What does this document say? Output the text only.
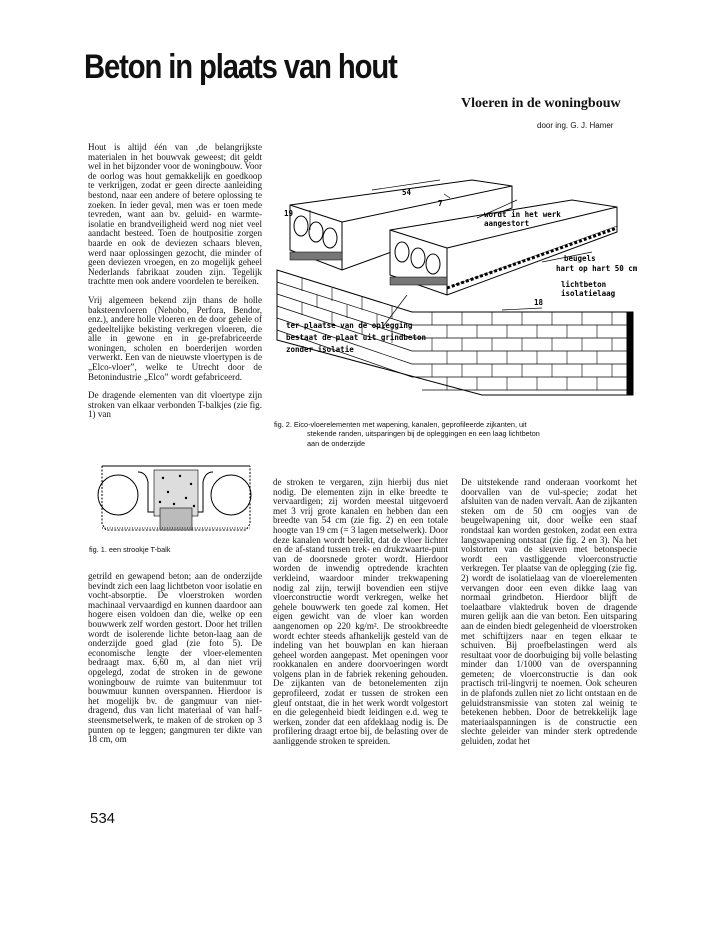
Beton in plaats van hout
Vloeren in de woningbouw
door ing. G. J. Hamer

Hout is altijd één van ‚de belangrijkste materialen in het bouwvak geweest; dit geldt wel in het bijzonder voor de woningbouw. Voor de oorlog was hout gemakkelijk en goedkoop te verkrijgen, zodat er geen directe aanleiding bestond, naar een andere of betere oplossing te zoeken. In ieder geval, men was er toen mede tevreden, want aan bv. geluid- en warmte-isolatie en brandveiligheid werd nog niet veel aandacht besteed. Toen de houtpositie zorgen baarde en ook de deviezen schaars bleven, werd naar oplossingen gezocht, die minder of geen deviezen vroegen, en zo mogelijk geheel Nederlands fabrikaat zouden zijn. Tegelijk trachtte men ook andere voordelen te bereiken.

Vrij algemeen bekend zijn thans de holle baksteenvloeren (Nehobo, Perfora, Bendor, enz.), andere holle vloeren en de door gehele of gedeeltelijke bekisting verkregen vloeren, die alle in gewone en in ge-prefabriceerde woningen, scholen en boerderijen worden verwerkt. Een van de nieuwste vloertypen is de „Elco-vloer”, welke te Utrecht door de Betonindustrie „Elco” wordt gefabriceerd.

De dragende elementen van dit vloertype zijn stroken van elkaar verbonden T-balkjes (zie fig. 1) van

54
7
19	wordt in het werk
aangestort
beugels
hart op hart 50 cm
lichtbeton
isolatielaag
18
ter plaatse van de oplegging
bestaat de plaat uit grindbeton
zonder isolatie
fig. 2. Eico-vloerelementen met wapening, kanalen, geprofileerde zijkanten, uit
stekende randen, uitsparingen bij de opleggingen en een laag lichtbeton
aan de onderzijde
fig. 1. een strookje T-balk

getrild en gewapend beton; aan de onderzijde bevindt zich een laag lichtbeton voor isolatie en vocht-absorptie. De vloerstroken worden machinaal vervaardigd en kunnen daardoor aan hogere eisen voldoen dan die, welke op een bouwwerk zelf worden gestort. Door het trillen wordt de isolerende lichte beton-laag aan de onderzijde goed glad (zie foto 5). De economische lengte der vloer-elementen bedraagt max. 6,60 m, al dan niet vrij opgelegd, zodat de stroken in de gewone woningbouw de ruimte van buitenmuur tot bouwmuur kunnen overspannen. Hierdoor is het mogelijk bv. de gangmuur van niet-dragend, dus van licht materiaal of van half-steensmetselwerk, te maken of de stroken op 3 punten op te leggen; gangmuren ter dikte van 18 cm, om

de stroken te vergaren, zijn hierbij dus niet nodig. De elementen zijn in elke breedte te vervaardigen; zij worden meestal uitgevoerd met 3 vrij grote kanalen en hebben dan een breedte van 54 cm (zie fig. 2) en een totale hoogte van 19 cm (= 3 lagen metselwerk). Door deze kanalen wordt bereikt, dat de vloer lichter en de af-stand tussen trek- en drukzwaarte-punt van de doorsnede groter wordt. Hierdoor worden de inwendig optredende krachten verkleind, waardoor minder trekwapening nodig zal zijn, terwijl bovendien een stijve vloerconstructie wordt verkregen, welke het gehele bouwwerk ten goede zal komen. Het eigen gewicht van de vloer kan worden aangenomen op 220 kg/m². De strookbreedte wordt echter steeds afhankelijk gesteld van de indeling van het bouwplan en kan hieraan geheel worden aangepast. Met openingen voor rookkanalen en andere doorvoeringen wordt volgens plan in de fabriek rekening gehouden. De zijkanten van de betonelementen zijn geprofileerd, zodat er tussen de stroken een gleuf ontstaat, die in het werk wordt volgestort en die gelegenheid biedt leidingen e.d. weg te werken, zonder dat een afdeklaag nodig is. De profilering draagt ertoe bij, de belasting over de aanliggende stroken te spreiden.

De uitstekende rand onderaan voorkomt het doorvallen van de vul-specie; zodat het afsluiten van de naden vervalt. Aan de zijkanten steken om de 50 cm oogjes van de beugelwapening uit, door welke een staaf rondstaal kan worden gestoken, zodat een extra langswapening ontstaat (zie fig. 2 en 3). Na het volstorten van de sleuven met betonspecie wordt een vastliggende vloerconstructie verkregen. Ter plaatse van de oplegging (zie fig. 2) wordt de isolatielaag van de vloerelementen vervangen door een even dikke laag van normaal grindbeton. Hierdoor blijft de toelaatbare vlaktedruk boven de dragende muren gelijk aan die van beton. Een uitsparing aan de einden biedt gelegenheid de vloerstroken met schiftijzers naar en tegen elkaar te schuiven. Bij proefbelastingen werd als resultaat voor de doorbuiging bij volle belasting minder dan 1/1000 van de overspanning gemeten; de vloerconstructie is dan ook practisch tril-lingvrij te noemen. Ook scheuren in de plafonds zullen niet zo licht ontstaan en de geluidstransmissie van stoten zal weinig te betekenen hebben. Door de betrekkelijk lage materiaalspanningen is de constructie een slechte geleider van minder sterk optredende geluiden, zodat het

534
